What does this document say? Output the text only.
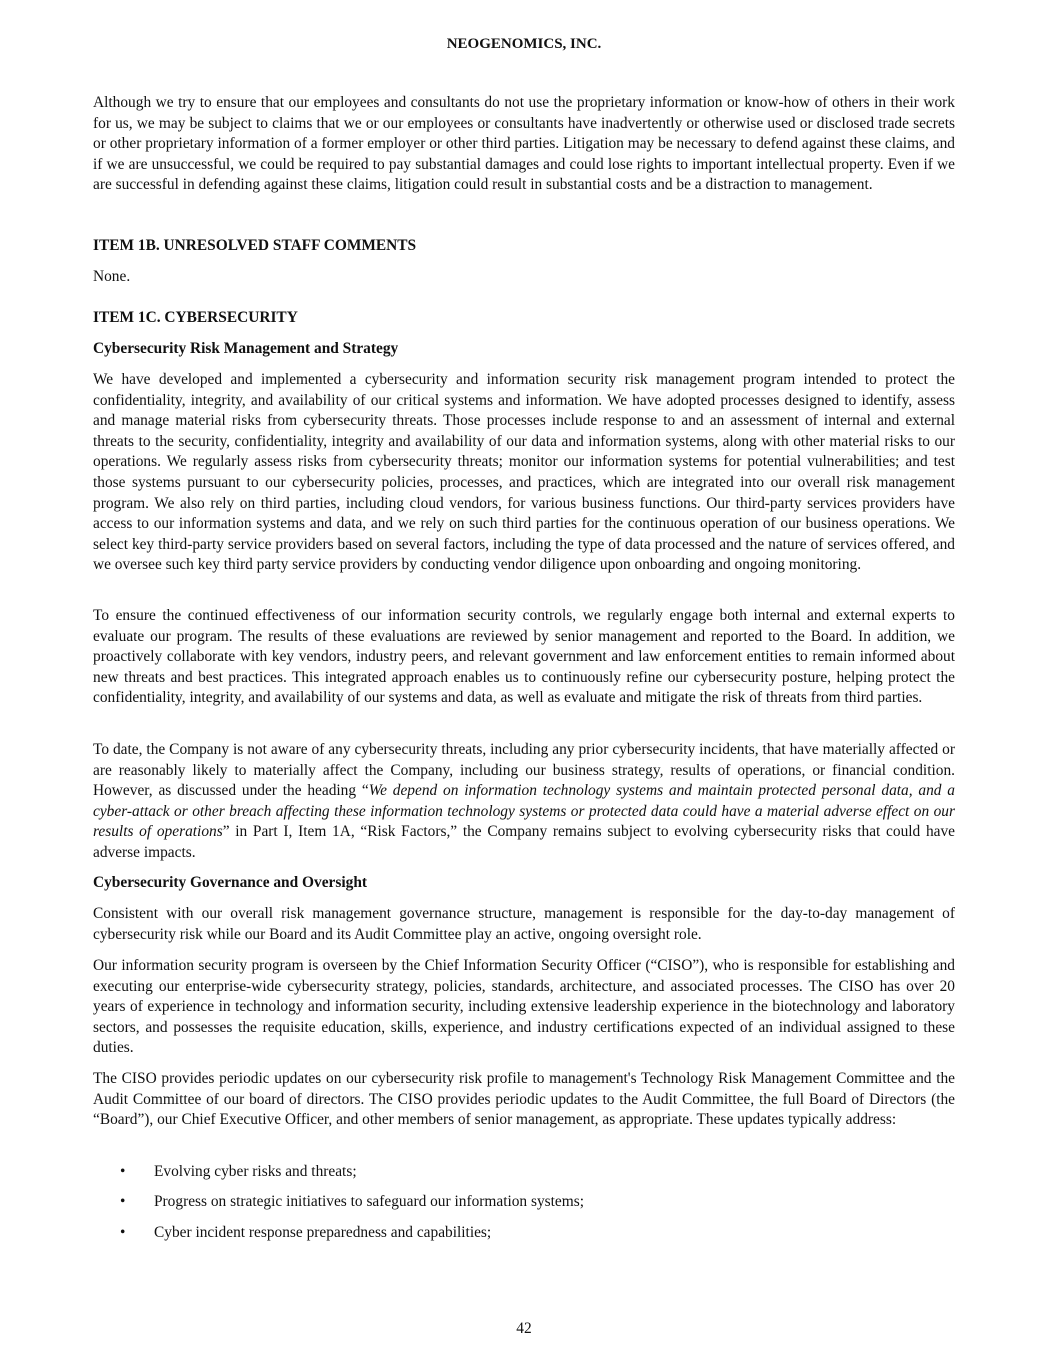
NEOGENOMICS, INC.

Although we try to ensure that our employees and consultants do not use the proprietary information or know-how of others in their work for us, we may be subject to claims that we or our employees or consultants have inadvertently or otherwise used or disclosed trade secrets or other proprietary information of a former employer or other third parties. Litigation may be necessary to defend against these claims, and if we are unsuccessful, we could be required to pay substantial damages and could lose rights to important intellectual property. Even if we are successful in defending against these claims, litigation could result in substantial costs and be a distraction to management.

ITEM 1B. UNRESOLVED STAFF COMMENTS

None.

ITEM 1C. CYBERSECURITY

Cybersecurity Risk Management and Strategy

We have developed and implemented a cybersecurity and information security risk management program intended to protect the confidentiality, integrity, and availability of our critical systems and information. We have adopted processes designed to identify, assess and manage material risks from cybersecurity threats. Those processes include response to and an assessment of internal and external threats to the security, confidentiality, integrity and availability of our data and information systems, along with other material risks to our operations. We regularly assess risks from cybersecurity threats; monitor our information systems for potential vulnerabilities; and test those systems pursuant to our cybersecurity policies, processes, and practices, which are integrated into our overall risk management program. We also rely on third parties, including cloud vendors, for various business functions. Our third-party services providers have access to our information systems and data, and we rely on such third parties for the continuous operation of our business operations. We select key third-party service providers based on several factors, including the type of data processed and the nature of services offered, and we oversee such key third party service providers by conducting vendor diligence upon onboarding and ongoing monitoring.

To ensure the continued effectiveness of our information security controls, we regularly engage both internal and external experts to evaluate our program. The results of these evaluations are reviewed by senior management and reported to the Board. In addition, we proactively collaborate with key vendors, industry peers, and relevant government and law enforcement entities to remain informed about new threats and best practices. This integrated approach enables us to continuously refine our cybersecurity posture, helping protect the confidentiality, integrity, and availability of our systems and data, as well as evaluate and mitigate the risk of threats from third parties.

To date, the Company is not aware of any cybersecurity threats, including any prior cybersecurity incidents, that have materially affected or are reasonably likely to materially affect the Company, including our business strategy, results of operations, or financial condition. However, as discussed under the heading “We depend on information technology systems and maintain protected personal data, and a cyber-attack or other breach affecting these information technology systems or protected data could have a material adverse effect on our results of operations” in Part I, Item 1A, “Risk Factors,” the Company remains subject to evolving cybersecurity risks that could have adverse impacts.

Cybersecurity Governance and Oversight

Consistent with our overall risk management governance structure, management is responsible for the day-to-day management of cybersecurity risk while our Board and its Audit Committee play an active, ongoing oversight role.

Our information security program is overseen by the Chief Information Security Officer (“CISO”), who is responsible for establishing and executing our enterprise-wide cybersecurity strategy, policies, standards, architecture, and associated processes. The CISO has over 20 years of experience in technology and information security, including extensive leadership experience in the biotechnology and laboratory sectors, and possesses the requisite education, skills, experience, and industry certifications expected of an individual assigned to these duties.

The CISO provides periodic updates on our cybersecurity risk profile to management's Technology Risk Management Committee and the Audit Committee of our board of directors. The CISO provides periodic updates to the Audit Committee, the full Board of Directors (the “Board”), our Chief Executive Officer, and other members of senior management, as appropriate. These updates typically address:

•	Evolving cyber risks and threats;
•	Progress on strategic initiatives to safeguard our information systems;
•	Cyber incident response preparedness and capabilities;
42
